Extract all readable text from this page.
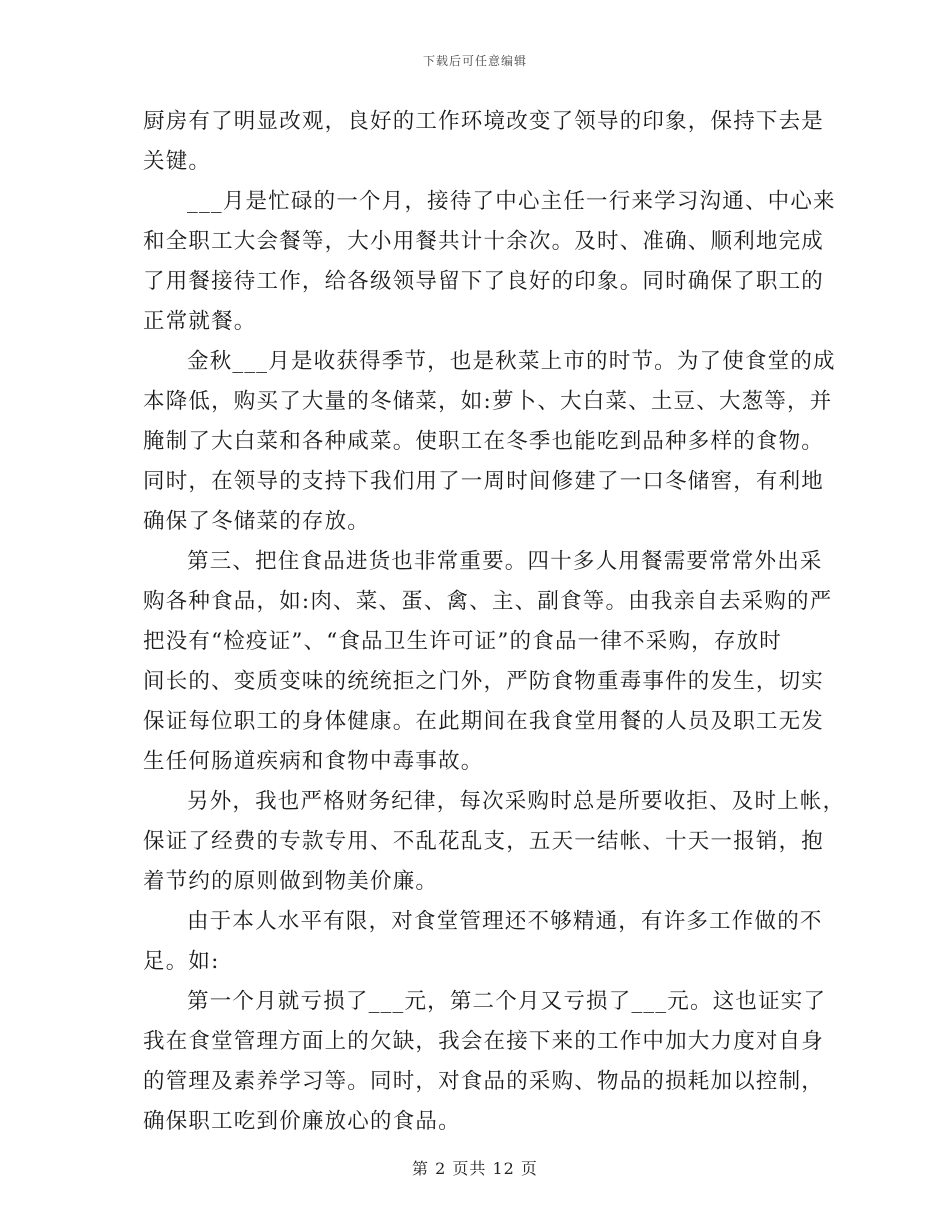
下载后可任意编辑

厨房有了明显改观，良好的工作环境改变了领导的印象，保持下去是
关键。

___月是忙碌的一个月，接待了中心主任一行来学习沟通、中心来
和全职工大会餐等，大小用餐共计十余次。及时、准确、顺利地完成
了用餐接待工作，给各级领导留下了良好的印象。同时确保了职工的
正常就餐。

金秋___月是收获得季节，也是秋菜上市的时节。为了使食堂的成
本降低，购买了大量的冬储菜，如:萝卜、大白菜、土豆、大葱等，并
腌制了大白菜和各种咸菜。使职工在冬季也能吃到品种多样的食物。
同时，在领导的支持下我们用了一周时间修建了一口冬储窖，有利地
确保了冬储菜的存放。

第三、把住食品进货也非常重要。四十多人用餐需要常常外出采
购各种食品，如:肉、菜、蛋、禽、主、副食等。由我亲自去采购的严
把没有“检疫证”、“食品卫生许可证”的食品一律不采购，存放时
间长的、变质变味的统统拒之门外，严防食物重毒事件的发生，切实
保证每位职工的身体健康。在此期间在我食堂用餐的人员及职工无发
生任何肠道疾病和食物中毒事故。

另外，我也严格财务纪律，每次采购时总是所要收拒、及时上帐，
保证了经费的专款专用、不乱花乱支，五天一结帐、十天一报销，抱
着节约的原则做到物美价廉。

由于本人水平有限，对食堂管理还不够精通，有许多工作做的不
足。如:

第一个月就亏损了___元，第二个月又亏损了___元。这也证实了
我在食堂管理方面上的欠缺，我会在接下来的工作中加大力度对自身
的管理及素养学习等。同时，对食品的采购、物品的损耗加以控制，
确保职工吃到价廉放心的食品。

第 2 页共 12 页
